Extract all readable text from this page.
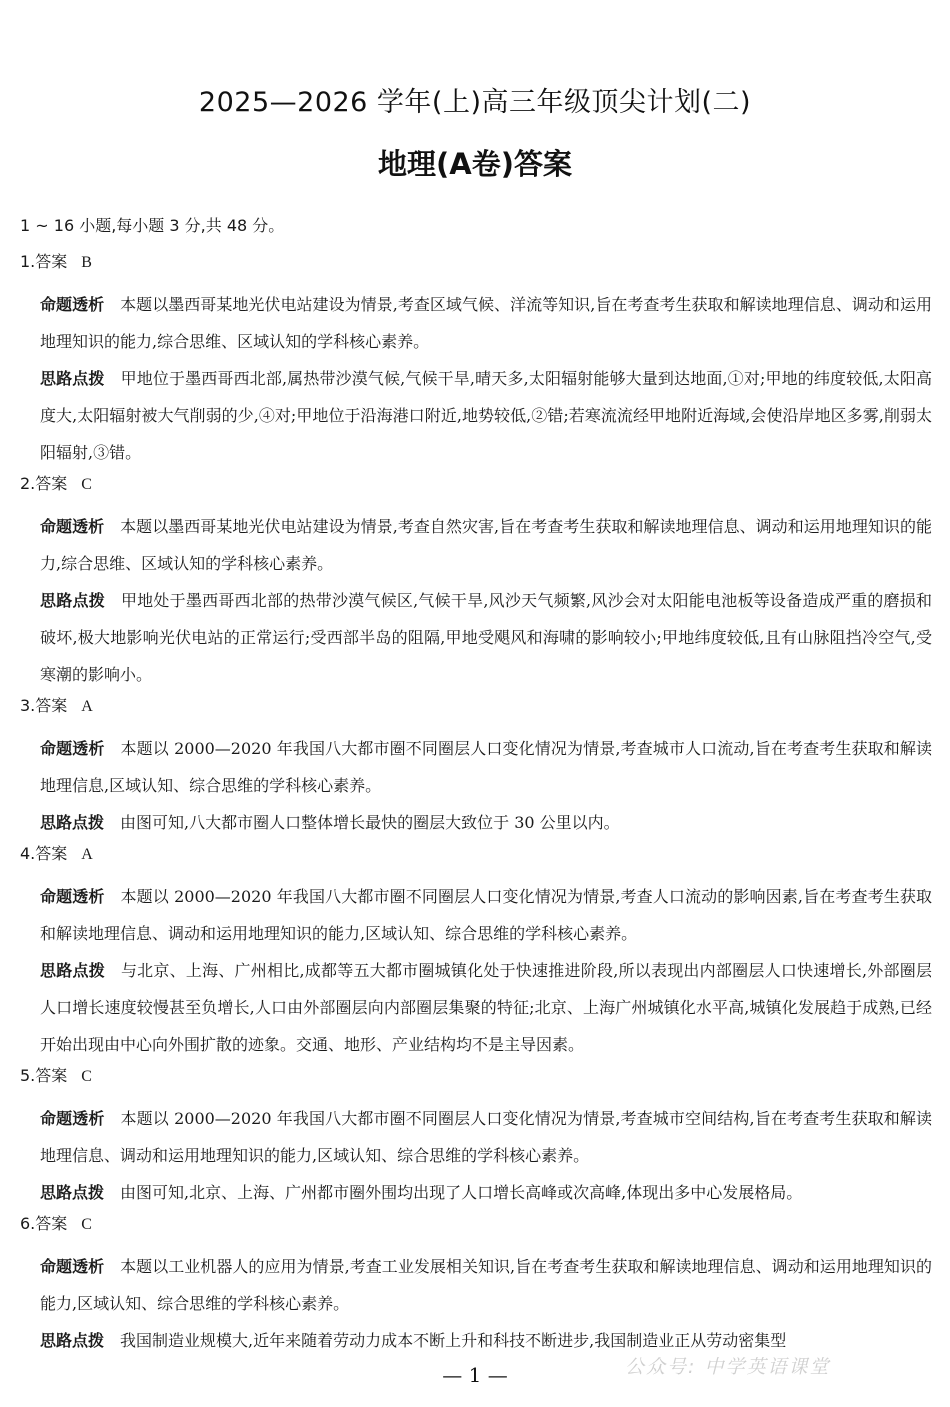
2025—2026 学年(上)高三年级顶尖计划(二)
地理(A卷)答案
1 ~ 16 小题,每小题 3 分,共 48 分。
1.答案 B
命题透析 本题以墨西哥某地光伏电站建设为情景,考查区域气候、洋流等知识,旨在考查考生获取和解读地理信息、调动和运用地理知识的能力,综合思维、区域认知的学科核心素养。
思路点拨 甲地位于墨西哥西北部,属热带沙漠气候,气候干旱,晴天多,太阳辐射能够大量到达地面,①对;甲地的纬度较低,太阳高度大,太阳辐射被大气削弱的少,④对;甲地位于沿海港口附近,地势较低,②错;若寒流流经甲地附近海域,会使沿岸地区多雾,削弱太阳辐射,③错。
2.答案 C
命题透析 本题以墨西哥某地光伏电站建设为情景,考查自然灾害,旨在考查考生获取和解读地理信息、调动和运用地理知识的能力,综合思维、区域认知的学科核心素养。
思路点拨 甲地处于墨西哥西北部的热带沙漠气候区,气候干旱,风沙天气频繁,风沙会对太阳能电池板等设备造成严重的磨损和破坏,极大地影响光伏电站的正常运行;受西部半岛的阻隔,甲地受飓风和海啸的影响较小;甲地纬度较低,且有山脉阻挡冷空气,受寒潮的影响小。
3.答案 A
命题透析 本题以 2000—2020 年我国八大都市圈不同圈层人口变化情况为情景,考查城市人口流动,旨在考查考生获取和解读地理信息,区域认知、综合思维的学科核心素养。
思路点拨 由图可知,八大都市圈人口整体增长最快的圈层大致位于 30 公里以内。
4.答案 A
命题透析 本题以 2000—2020 年我国八大都市圈不同圈层人口变化情况为情景,考查人口流动的影响因素,旨在考查考生获取和解读地理信息、调动和运用地理知识的能力,区域认知、综合思维的学科核心素养。
思路点拨 与北京、上海、广州相比,成都等五大都市圈城镇化处于快速推进阶段,所以表现出内部圈层人口快速增长,外部圈层人口增长速度较慢甚至负增长,人口由外部圈层向内部圈层集聚的特征;北京、上海广州城镇化水平高,城镇化发展趋于成熟,已经开始出现由中心向外围扩散的迹象。交通、地形、产业结构均不是主导因素。
5.答案 C
命题透析 本题以 2000—2020 年我国八大都市圈不同圈层人口变化情况为情景,考查城市空间结构,旨在考查考生获取和解读地理信息、调动和运用地理知识的能力,区域认知、综合思维的学科核心素养。
思路点拨 由图可知,北京、上海、广州都市圈外围均出现了人口增长高峰或次高峰,体现出多中心发展格局。
6.答案 C
命题透析 本题以工业机器人的应用为情景,考查工业发展相关知识,旨在考查考生获取和解读地理信息、调动和运用地理知识的能力,区域认知、综合思维的学科核心素养。
思路点拨 我国制造业规模大,近年来随着劳动力成本不断上升和科技不断进步,我国制造业正从劳动密集型
公众号: 中学英语课堂
— 1 —
